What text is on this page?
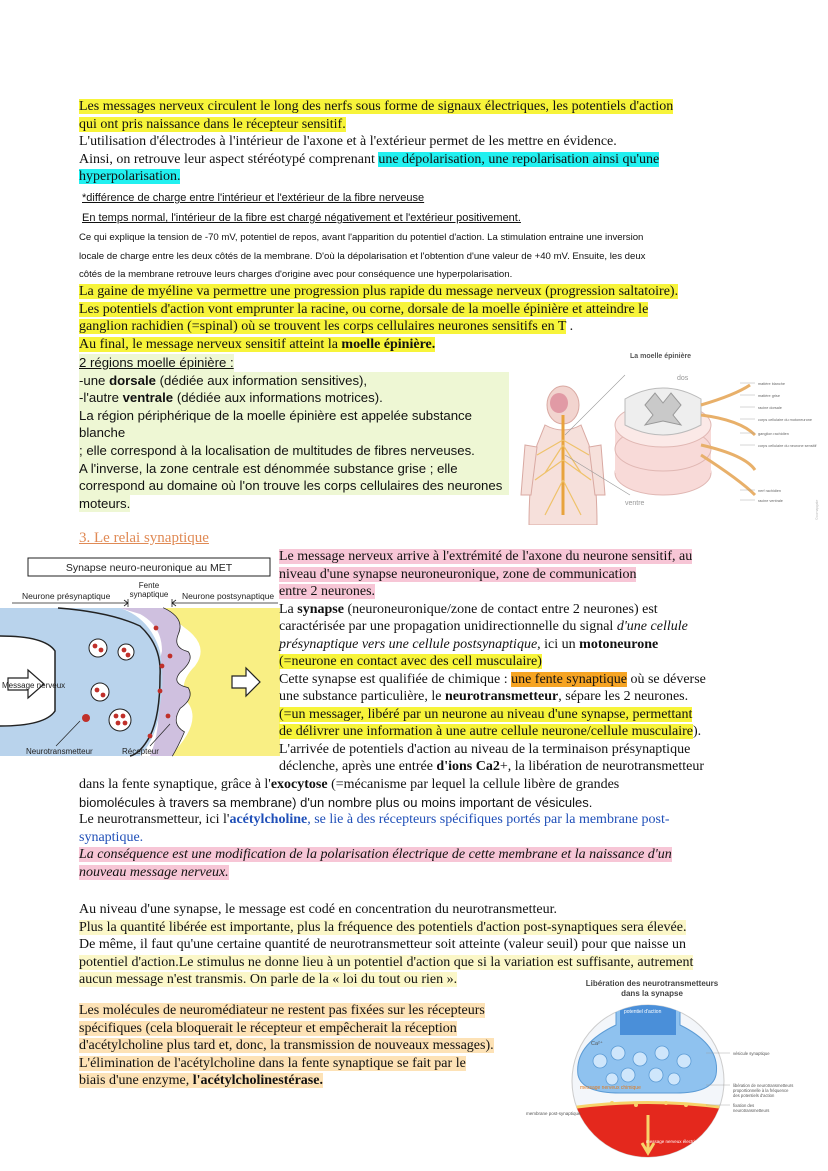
Les messages nerveux circulent le long des nerfs sous forme de signaux électriques, les potentiels d'action
qui ont pris naissance dans le récepteur sensitif.
L'utilisation d'électrodes à l'intérieur de l'axone et à l'extérieur permet de les mettre en évidence.
Ainsi, on retrouve leur aspect stéréotypé comprenant une dépolarisation, une repolarisation ainsi qu'une
hyperpolarisation.
*différence de charge entre l'intérieur et l'extérieur de la fibre nerveuse
En temps normal, l'intérieur de la fibre est chargé négativement et l'extérieur positivement.
Ce qui explique la tension de -70 mV, potentiel de repos, avant l'apparition du potentiel d'action. La stimulation entraine une inversion
locale de charge entre les deux côtés de la membrane. D'où la dépolarisation et l'obtention d'une valeur de +40 mV. Ensuite, les deux
côtés de la membrane retrouve leurs charges d'origine avec pour conséquence une hyperpolarisation.
La gaine de myéline va permettre une progression plus rapide du message nerveux (progression saltatoire).
Les potentiels d'action vont emprunter la racine, ou corne, dorsale de la moelle épinière et atteindre le
ganglion rachidien (=spinal) où se trouvent les corps cellulaires neurones sensitifs en T .
Au final, le message nerveux sensitif atteint la moelle épinière.
2 régions moelle épinière :
-une dorsale (dédiée aux information sensitives),
-l'autre ventrale (dédiée aux informations motrices).
La région périphérique de la moelle épinière est appelée substance blanche
; elle correspond à la localisation de multitudes de fibres nerveuses.
A l'inverse, la zone centrale est dénommée substance grise ; elle
correspond au domaine où l'on trouve les corps cellulaires des neurones
moteurs.
La moelle épinière
dos
ventre
matière blanche
matière grise
racine dorsale
corps cellulaire du motoneurone
ganglion rachidien
corps cellulaire du neurone sensitif
nerf rachidien
racine ventrale	©comapgate
3. Le relai synaptique
Synapse neuro-neuronique au MET
Fente
synaptique
Neurone présynaptique	Neurone postsynaptique
Message nerveux
Neurotransmetteur	Récepteur
Le message nerveux arrive à l'extrémité de l'axone du neurone sensitif, au
niveau d'une synapse neuroneuronique, zone de communication
entre 2 neurones.
La synapse (neuroneuronique/zone de contact entre 2 neurones) est
caractérisée par une propagation unidirectionnelle du signal d'une cellule
présynaptique vers une cellule postsynaptique, ici un motoneurone
(=neurone en contact avec des cell musculaire)
Cette synapse est qualifiée de chimique : une fente synaptique où se déverse
une substance particulière, le neurotransmetteur, sépare les 2 neurones.
(=un messager, libéré par un neurone au niveau d'une synapse, permettant
de délivrer une information à une autre cellule neurone/cellule musculaire).
L'arrivée de potentiels d'action au niveau de la terminaison présynaptique
déclenche, après une entrée d'ions Ca2+, la libération de neurotransmetteur
dans la fente synaptique, grâce à l'exocytose (=mécanisme par lequel la cellule libère de grandes
biomolécules à travers sa membrane) d'un nombre plus ou moins important de vésicules.
Le neurotransmetteur, ici l'acétylcholine, se lie à des récepteurs spécifiques portés par la membrane post-
synaptique.
La conséquence est une modification de la polarisation électrique de cette membrane et la naissance d'un
nouveau message nerveux.
Au niveau d'une synapse, le message est codé en concentration du neurotransmetteur.
Plus la quantité libérée est importante, plus la fréquence des potentiels d'action post-synaptiques sera élevée.
De même, il faut qu'une certaine quantité de neurotransmetteur soit atteinte (valeur seuil) pour que naisse un
potentiel d'action.Le stimulus ne donne lieu à un potentiel d'action que si la variation est suffisante, autrement
aucun message n'est transmis. On parle de la « loi du tout ou rien ».
Les molécules de neuromédiateur ne restent pas fixées sur les récepteurs
spécifiques (cela bloquerait le récepteur et empêcherait la réception
d'acétylcholine plus tard et, donc, la transmission de nouveaux messages).
L'élimination de l'acétylcholine dans la fente synaptique se fait par le
biais d'une enzyme, l'acétylcholinestérase.
Libération des neurotransmetteurs
dans la synapse
potentiel d'action
Ca²⁺
message nerveux chimique
membrane post-synaptique
message nerveux électrique
vésicule synaptique
libération de neurotransmetteurs
proportionnelle à la fréquence
des potentiels d'action
fixation des
neurotransmetteurs
